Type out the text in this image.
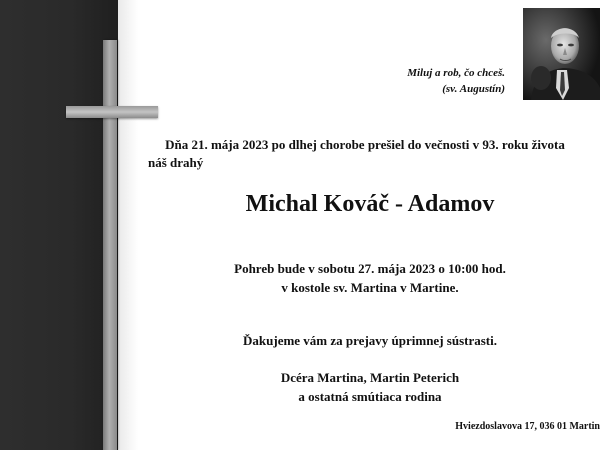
Miluj a rob, čo chceš.
(sv. Augustín)
Dňa 21. mája 2023 po dlhej chorobe prešiel do večnosti v 93. roku života
náš drahý
Michal Kováč - Adamov
Pohreb bude v sobotu 27. mája 2023 o 10:00 hod.
v kostole sv. Martina v Martine.
Ďakujeme vám za prejavy úprimnej sústrasti.
Dcéra Martina, Martin Peterich
a ostatná smútiaca rodina
Hviezdoslavova 17, 036 01 Martin
